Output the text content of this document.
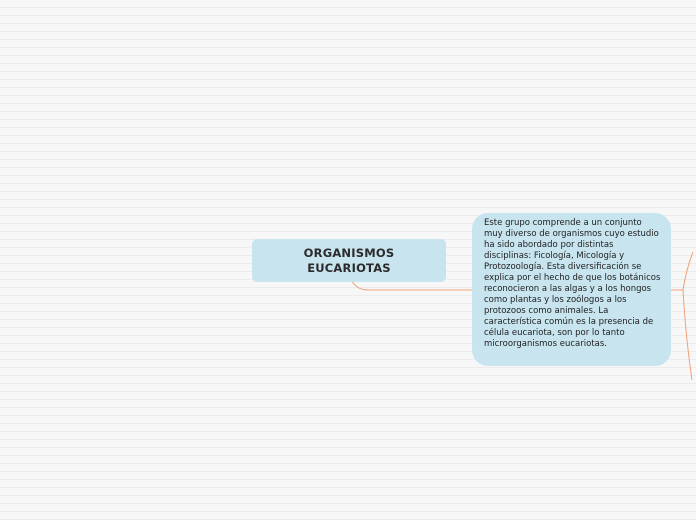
ORGANISMOS
EUCARIOTAS

Este grupo comprende a un conjunto muy diverso de organismos cuyo estudio ha sido abordado por distintas disciplinas: Ficología, Micología y Protozoología. Esta diversificación se explica por el hecho de que los botánicos reconocieron a las algas y a los hongos como plantas y los zoólogos a los protozoos como animales. La característica común es la presencia de célula eucariota, son por lo tanto microorganismos eucariotas.
